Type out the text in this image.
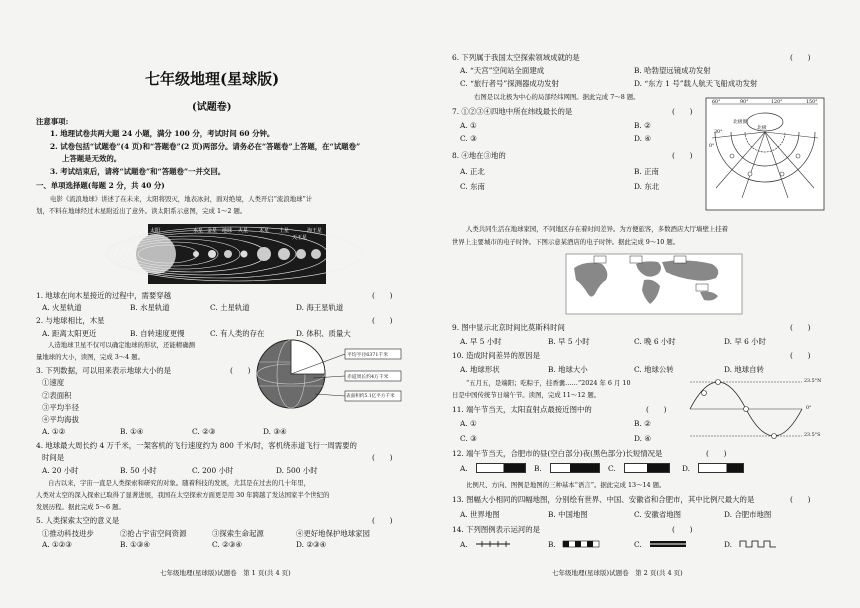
七年级地理(星球版)
(试题卷)
注意事项:
1. 地理试卷共两大题 24 小题，满分 100 分，考试时间 60 分钟。
2. 试卷包括“试题卷”(4 页)和“答题卷”(2 页)两部分。请务必在“答题卷”上答题，在“试题卷”
上答题是无效的。
3. 考试结束后，请将“试题卷”和“答题卷”一并交回。
一、单项选择题(每题 2 分，共 40 分)
电影《流浪地球》讲述了在未来，太阳将毁灭，地表冰封，面对绝境，人类开启“流浪地球”计
划，不料在地球经过木星附近出了意外。读太阳系示意图，完成 1～2 题。
太阳	水星 金星 地球 火星 木星 土星
天王星
海王星
1. 地球在向木星接近的过程中，需要穿越	(　　)
A. 火星轨道	B. 水星轨道	C. 土星轨道	D. 海王星轨道
2. 与地球相比，木星	(　　)
A. 距离太阳更近	B. 自转速度更慢	C. 有人类的存在	D. 体积、质量大
人造地球卫星不仅可以确定地球的形状，还能精确测
量地球的大小，读图，完成 3～4 题。	平均半径6371千米
赤道周长约4万千米
表面积约5.1亿平方千米
3. 下列数据，可以用来表示地球大小的是	(　　)
①速度
②表面积
③平均半径
④平均海拔
A. ①②	B. ①④	C. ②③	D. ③④
4. 地球最大周长约 4 万千米，一架客机的飞行速度约为 800 千米/时，客机绕赤道飞行一周需要的
时间是	(　　)
A. 20 小时	B. 50 小时	C. 200 小时	D. 500 小时
自古以来，宇宙一直是人类探索和研究的对象。随着科技的发展，尤其是在过去的几十年里，
人类对太空的深入探索已取得了显著进展，我国在太空探索方面更是用 30 年跨越了发达国家半个世纪的
发展历程。据此完成 5～6 题。
5. 人类探索太空的意义是	(　　)
①推动科技进步	②抢占宇宙空间资源	③探索生命起源	④更好地保护地球家园
A. ①②③	B. ①③④	C. ②③④	D. ②③④
七年级地理(星球版)试题卷　第 1 页(共 4 页)
6. 下列属于我国太空探索领域成就的是	(　　)
A. “天宫”空间站全面建成	B. 哈勃望远镜成功发射
C. “旅行者号”探测器成功发射	D. “东方 1 号”载人航天飞船成功发射
右图是以北极为中心的局部经纬网图。据此完成 7～8 题。
7. ①②③④四地中所在纬线最长的是	(　　)
A. ①	B. ②
C. ③	D. ④
8. ④地在③地的	(　　)
A. 正北	B. 正南
C. 东南	D. 东北
60°	90°	120°	150°
北极圈
北极
30°
0°
人类共同生活在地球家园，不同地区存在着时间差异。为方便旅客，多数酒店大厅墙壁上挂着
世界上主要城市的电子时钟。下图示意某酒店的电子时钟。据此完成 9～10 题。
9. 图中显示北京时间比莫斯科时间	(　　)
A. 早 5 小时	B. 早 5 小时	C. 晚 6 小时	D. 早 6 小时
10. 造成时间差异的原因是	(　　)
A. 地球形状	B. 地球大小	C. 地球公转	D. 地球自转
“五月五，是端阳；吃粽子，挂香囊……”2024 年 6 月 10
日是中国传统节日端午节。读图，完成 11～12 题。
23.5°N
0°
23.5°S
11. 端午节当天，太阳直射点最接近图中的	(　　)
A. ①	B. ②
C. ③	D. ④
12. 端午节当天，合肥市的昼(空白部分)夜(黑色部分)长短情况是	(　　)
A.	B.	C.	D.
比例尺、方向、图例是地图的三种基本“语言”。据此完成 13～14 题。
13. 图幅大小相同的四幅地图，分别绘有世界、中国、安徽省和合肥市，其中比例尺最大的是	(　　)
A. 世界地图	B. 中国地图	C. 安徽省地图	D. 合肥市地图
14. 下列图例表示运河的是	(　　)
A.	B.	C.	D.
七年级地理(星球版)试题卷　第 2 页(共 4 页)
